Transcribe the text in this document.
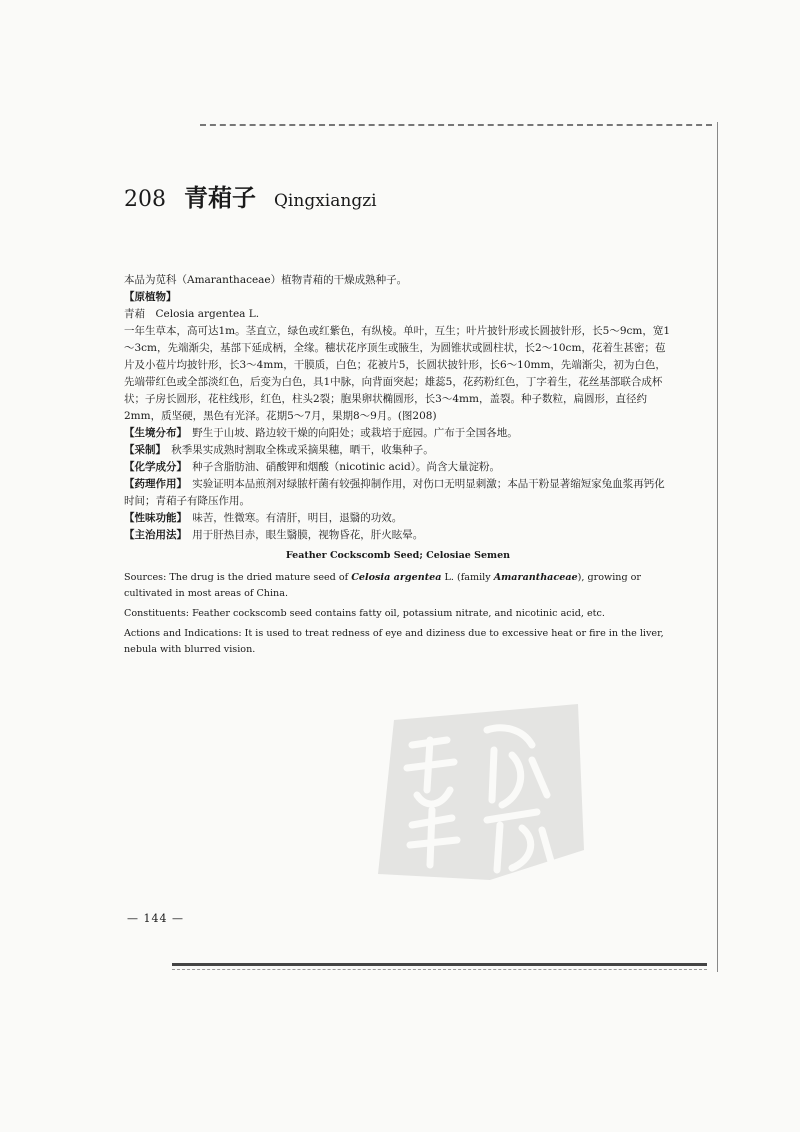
208 青葙子 Qingxiangzi

本品为苋科（Amaranthaceae）植物青葙的干燥成熟种子。

【原植物】

青葙　Celosia argentea L.

一年生草本，高可达1m。茎直立，绿色或红紫色，有纵棱。单叶，互生；叶片披针形或长圆披针形，长5～9cm，宽1～3cm，先端渐尖，基部下延成柄，全缘。穗状花序顶生或腋生，为圆锥状或圆柱状，长2～10cm，花着生甚密；苞片及小苞片均披针形，长3～4mm，干膜质，白色；花被片5，长圆状披针形，长6～10mm，先端渐尖，初为白色，先端带红色或全部淡红色，后变为白色，具1中脉，向背面突起；雄蕊5，花药粉红色，丁字着生，花丝基部联合成杯状；子房长圆形，花柱线形，红色，柱头2裂；胞果卵状椭圆形，长3～4mm，盖裂。种子数粒，扁圆形，直径约2mm，质坚硬，黑色有光泽。花期5～7月，果期8～9月。(图208)

【生境分布】　 野生于山坡、路边较干燥的向阳处；或栽培于庭园。广布于全国各地。

【采制】　 秋季果实成熟时割取全株或采摘果穗，晒干，收集种子。

【化学成分】　 种子含脂肪油、硝酸钾和烟酸（nicotinic acid）。尚含大量淀粉。

【药理作用】　 实验证明本品煎剂对绿脓杆菌有较强抑制作用，对伤口无明显刺激；本品干粉显著缩短家兔血浆再钙化时间；青葙子有降压作用。

【性味功能】　 味苦，性微寒。有清肝，明目，退翳的功效。

【主治用法】　 用于肝热目赤，眼生翳膜，视物昏花，肝火眩晕。

Feather Cockscomb Seed; Celosiae Semen

Sources: The drug is the dried mature seed of Celosia argentea L. (family Amaranthaceae), growing or cultivated in most areas of China.

Constituents: Feather cockscomb seed contains fatty oil, potassium nitrate, and nicotinic acid, etc.

Actions and Indications: It is used to treat redness of eye and diziness due to excessive heat or fire in the liver, nebula with blurred vision.

— 144 —
